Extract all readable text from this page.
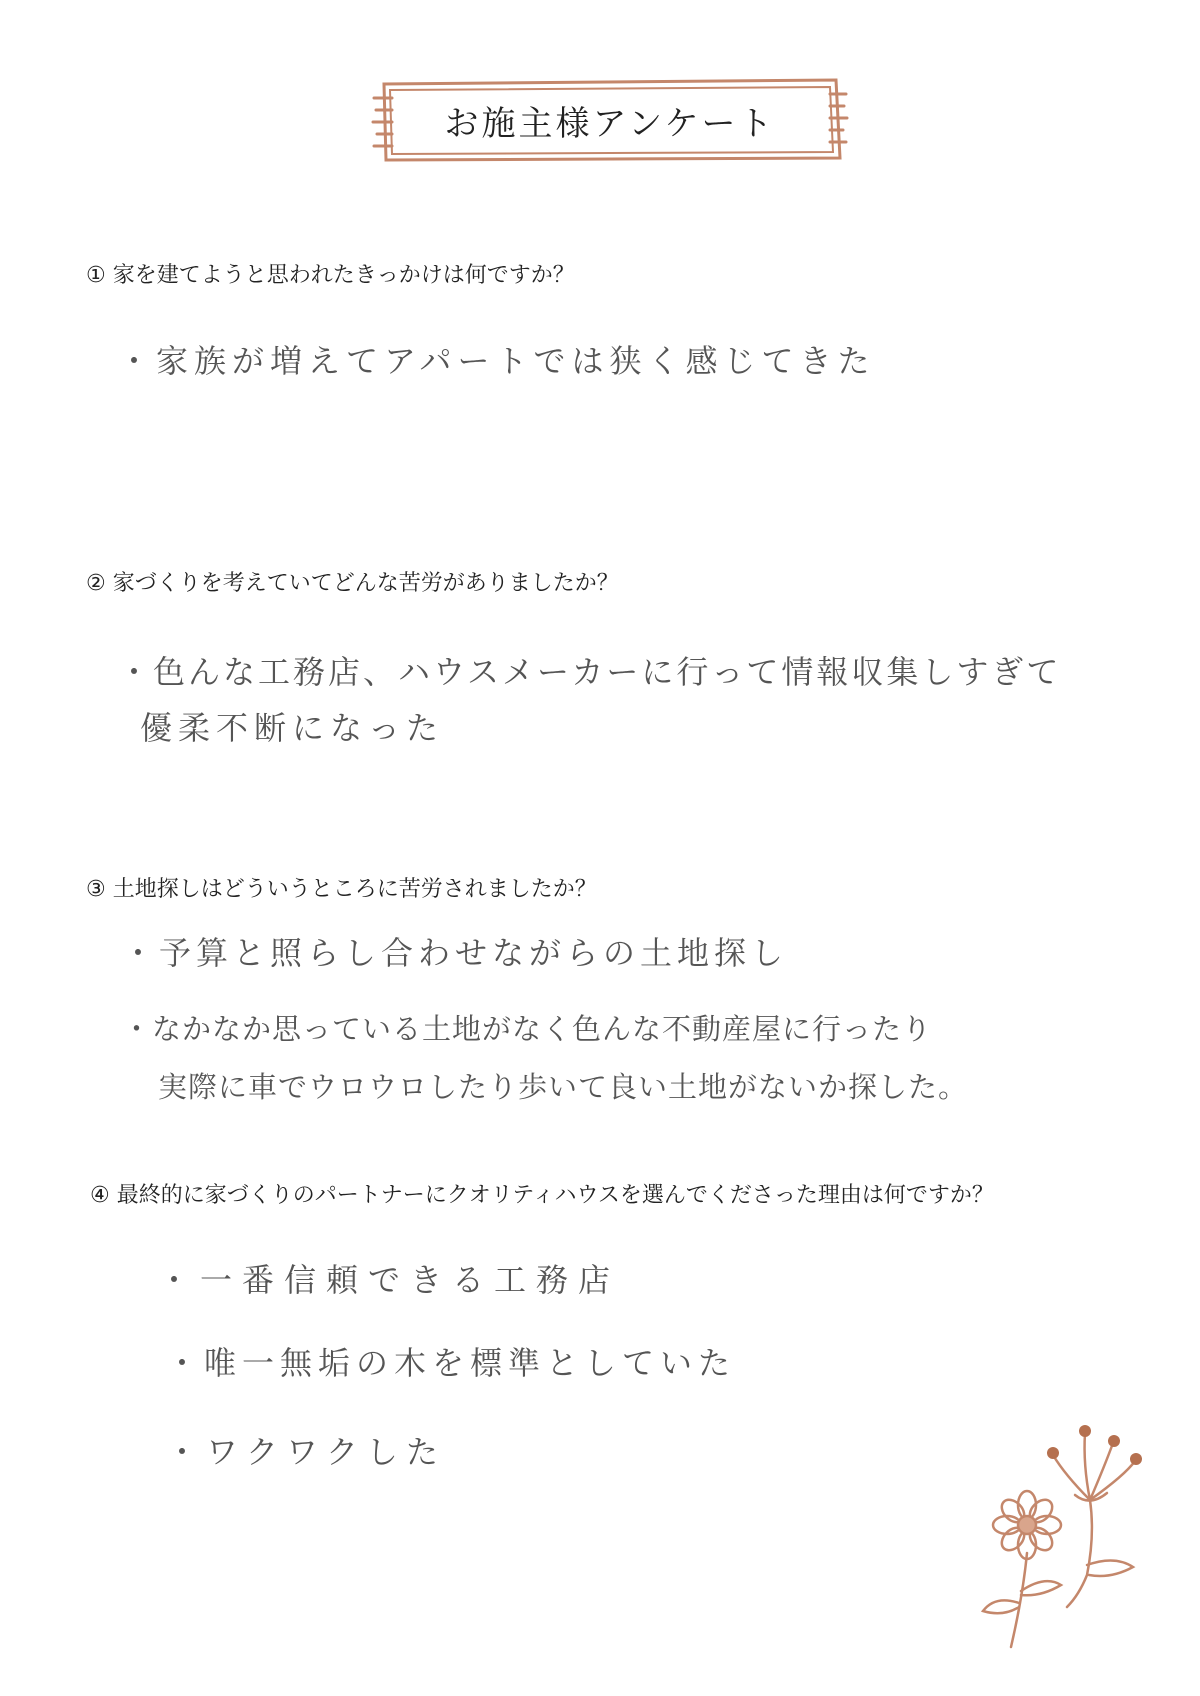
お施主様アンケート
① 家を建てようと思われたきっかけは何ですか？
・家族が増えてアパートでは狭く感じてきた
② 家づくりを考えていてどんな苦労がありましたか？
・色んな工務店、ハウスメーカーに行って情報収集しすぎて
優柔不断になった
③ 土地探しはどういうところに苦労されましたか？
・予算と照らし合わせながらの土地探し
・なかなか思っている土地がなく色んな不動産屋に行ったり
実際に車でウロウロしたり歩いて良い土地がないか探した。
④ 最終的に家づくりのパートナーにクオリティハウスを選んでくださった理由は何ですか？
・一番信頼できる工務店
・唯一無垢の木を標準としていた
・ワクワクした
